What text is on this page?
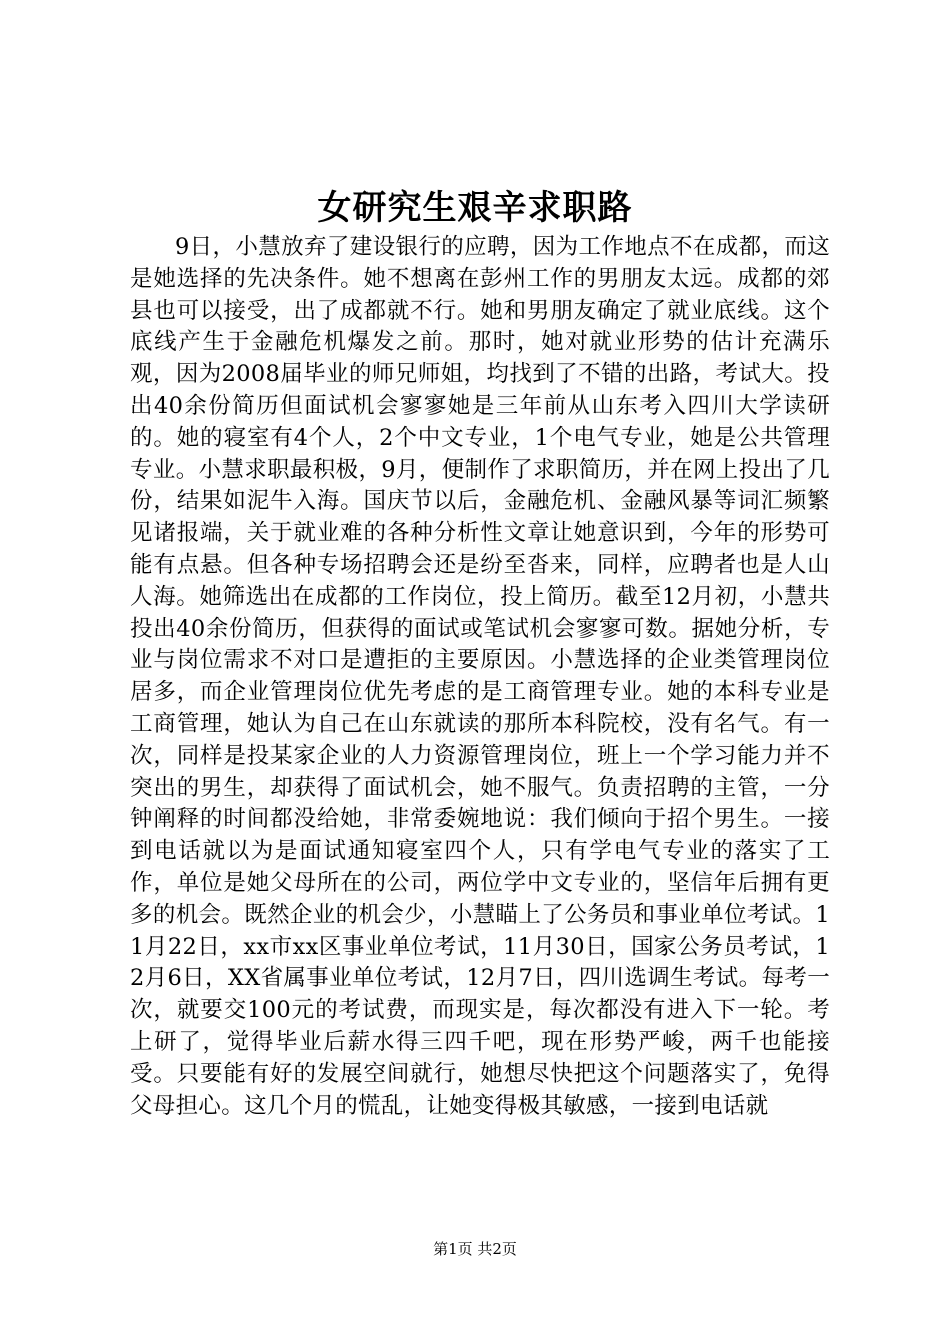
女研究生艰辛求职路

9日，小慧放弃了建设银行的应聘，因为工作地点不在成都，而这是她选择的先决条件。她不想离在彭州工作的男朋友太远。成都的郊县也可以接受，出了成都就不行。她和男朋友确定了就业底线。这个底线产生于金融危机爆发之前。那时，她对就业形势的估计充满乐观，因为2008届毕业的师兄师姐，均找到了不错的出路，考试大。投出40余份简历但面试机会寥寥她是三年前从山东考入四川大学读研的。她的寝室有4个人，2个中文专业，1个电气专业，她是公共管理专业。小慧求职最积极，9月，便制作了求职简历，并在网上投出了几份，结果如泥牛入海。国庆节以后，金融危机、金融风暴等词汇频繁见诸报端，关于就业难的各种分析性文章让她意识到，今年的形势可能有点悬。但各种专场招聘会还是纷至沓来，同样，应聘者也是人山人海。她筛选出在成都的工作岗位，投上简历。截至12月初，小慧共投出40余份简历，但获得的面试或笔试机会寥寥可数。据她分析，专业与岗位需求不对口是遭拒的主要原因。小慧选择的企业类管理岗位居多，而企业管理岗位优先考虑的是工商管理专业。她的本科专业是工商管理，她认为自己在山东就读的那所本科院校，没有名气。有一次，同样是投某家企业的人力资源管理岗位，班上一个学习能力并不突出的男生，却获得了面试机会，她不服气。负责招聘的主管，一分钟阐释的时间都没给她，非常委婉地说：我们倾向于招个男生。一接到电话就以为是面试通知寝室四个人，只有学电气专业的落实了工作，单位是她父母所在的公司，两位学中文专业的，坚信年后拥有更多的机会。既然企业的机会少，小慧瞄上了公务员和事业单位考试。11月22日，xx市xx区事业单位考试，11月30日，国家公务员考试，12月6日，XX省属事业单位考试，12月7日，四川选调生考试。每考一次，就要交100元的考试费，而现实是，每次都没有进入下一轮。考上研了，觉得毕业后薪水得三四千吧，现在形势严峻，两千也能接受。只要能有好的发展空间就行，她想尽快把这个问题落实了，免得父母担心。这几个月的慌乱，让她变得极其敏感，一接到电话就

第1页 共2页
